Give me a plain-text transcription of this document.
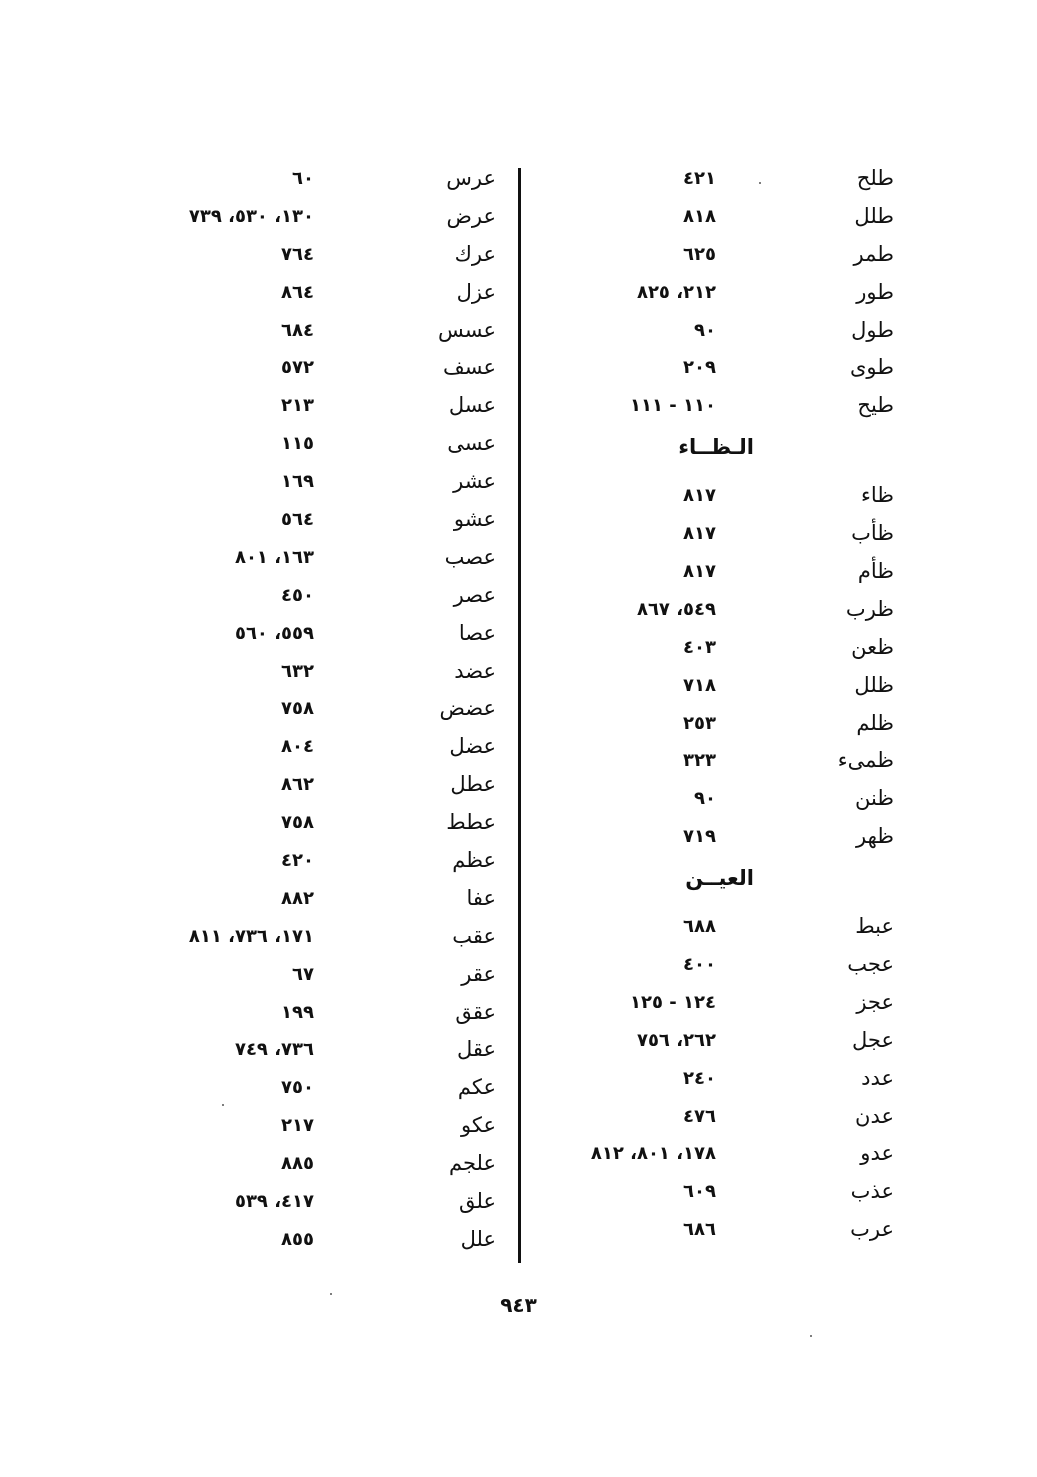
طلح
٤٢١
طلل
٨١٨
طمر
٦٢٥
طور
٢١٢، ٨٢٥
طول
٩٠
طوى
٢٠٩
طيح
١١٠ - ١١١
الـظــاء
ظاء
٨١٧
ظأب
٨١٧
ظأم
٨١٧
ظرب
٥٤٩، ٨٦٧
ظعن
٤٠٣
ظلل
٧١٨
ظلم
٢٥٣
ظمىء
٣٢٣
ظنن
٩٠
ظهر
٧١٩
العيــن
عبط
٦٨٨
عجب
٤٠٠
عجز
١٢٤ - ١٢٥
عجل
٢٦٢، ٧٥٦
عدد
٢٤٠
عدن
٤٧٦
عدو
١٧٨، ٨٠١، ٨١٢
عذب
٦٠٩
عرب
٦٨٦
عرس
٦٠
عرض
١٣٠، ٥٣٠، ٧٣٩
عرك
٧٦٤
عزل
٨٦٤
عسس
٦٨٤
عسف
٥٧٢
عسل
٢١٣
عسى
١١٥
عشر
١٦٩
عشو
٥٦٤
عصب
١٦٣، ٨٠١
عصر
٤٥٠
عصا
٥٥٩، ٥٦٠
عضد
٦٣٢
عضض
٧٥٨
عضل
٨٠٤
عطل
٨٦٢
عطط
٧٥٨
عظم
٤٢٠
عفا
٨٨٢
عقب
١٧١، ٧٣٦، ٨١١
عقر
٦٧
عقق
١٩٩
عقل
٧٣٦، ٧٤٩
عكم
٧٥٠
عكو
٢١٧
علجم
٨٨٥
علق
٤١٧، ٥٣٩
علل
٨٥٥
٩٤٣
